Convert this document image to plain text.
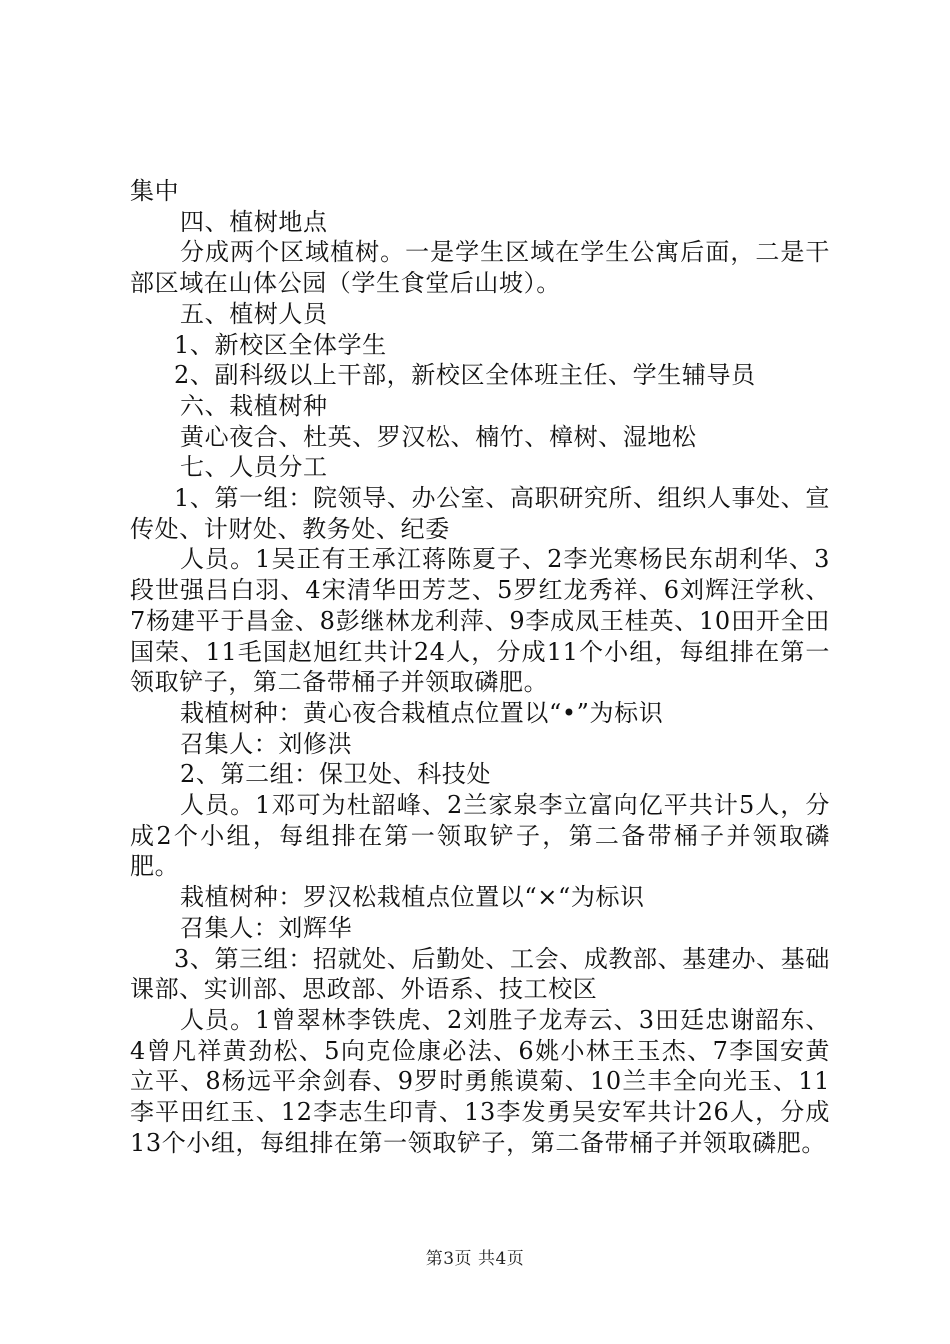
集中

四、植树地点

分成两个区域植树。一是学生区域在学生公寓后面，二是干部区域在山体公园（学生食堂后山坡）。

五、植树人员

1、新校区全体学生

2、副科级以上干部，新校区全体班主任、学生辅导员

六、栽植树种

黄心夜合、杜英、罗汉松、楠竹、樟树、湿地松

七、人员分工

1、第一组：院领导、办公室、高职研究所、组织人事处、宣传处、计财处、教务处、纪委

人员。1吴正有王承江蒋陈夏子、2李光寒杨民东胡利华、3段世强吕白羽、4宋清华田芳芝、5罗红龙秀祥、6刘辉汪学秋、7杨建平于昌金、8彭继林龙利萍、9李成凤王桂英、10田开全田国荣、11毛国赵旭红共计24人，分成11个小组，每组排在第一领取铲子，第二备带桶子并领取磷肥。

栽植树种：黄心夜合栽植点位置以“•”为标识

召集人：刘修洪

2、第二组：保卫处、科技处

人员。1邓可为杜韶峰、2兰家泉李立富向亿平共计5人，分成2个小组，每组排在第一领取铲子，第二备带桶子并领取磷肥。

栽植树种：罗汉松栽植点位置以“×“为标识

召集人：刘辉华

3、第三组：招就处、后勤处、工会、成教部、基建办、基础课部、实训部、思政部、外语系、技工校区

人员。1曾翠林李铁虎、2刘胜子龙寿云、3田廷忠谢韶东、4曾凡祥黄劲松、5向克俭康必法、6姚小林王玉杰、7李国安黄立平、8杨远平余剑春、9罗时勇熊谟菊、10兰丰全向光玉、11李平田红玉、12李志生印青、13李发勇吴安军共计26人，分成13个小组，每组排在第一领取铲子，第二备带桶子并领取磷肥。

第3页 共4页
